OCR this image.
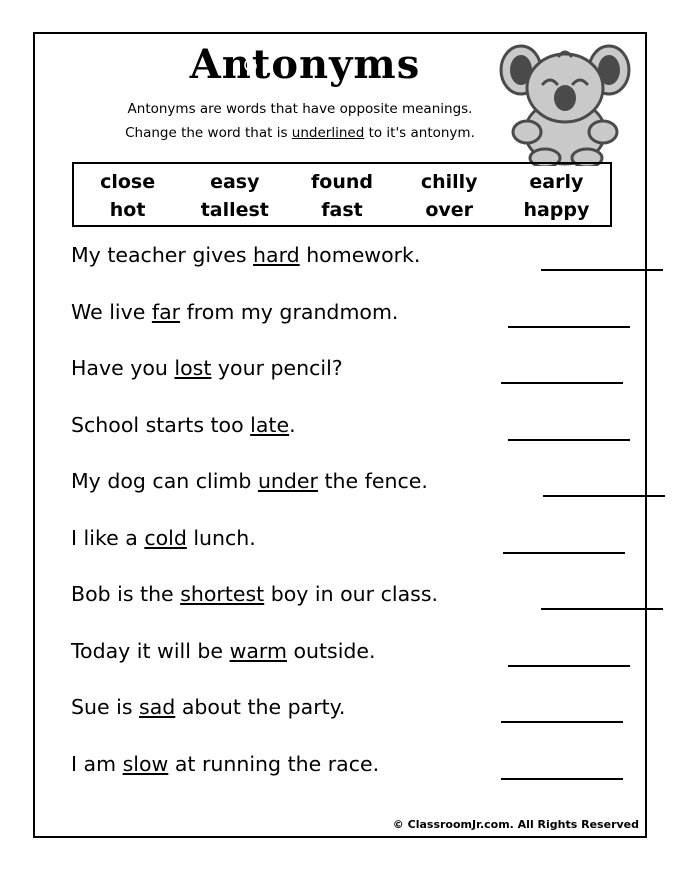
Antonyms
Antonyms are words that have opposite meanings.
Change the word that is underlined to it's antonym.
close	easy	found	chilly	early
hot	tallest	fast	over	happy
My teacher gives hard homework.
We live far from my grandmom.
Have you lost your pencil?
School starts too late.
My dog can climb under the fence.
I like a cold lunch.
Bob is the shortest boy in our class.
Today it will be warm outside.
Sue is sad about the party.
I am slow at running the race.
© ClassroomJr.com. All Rights Reserved
